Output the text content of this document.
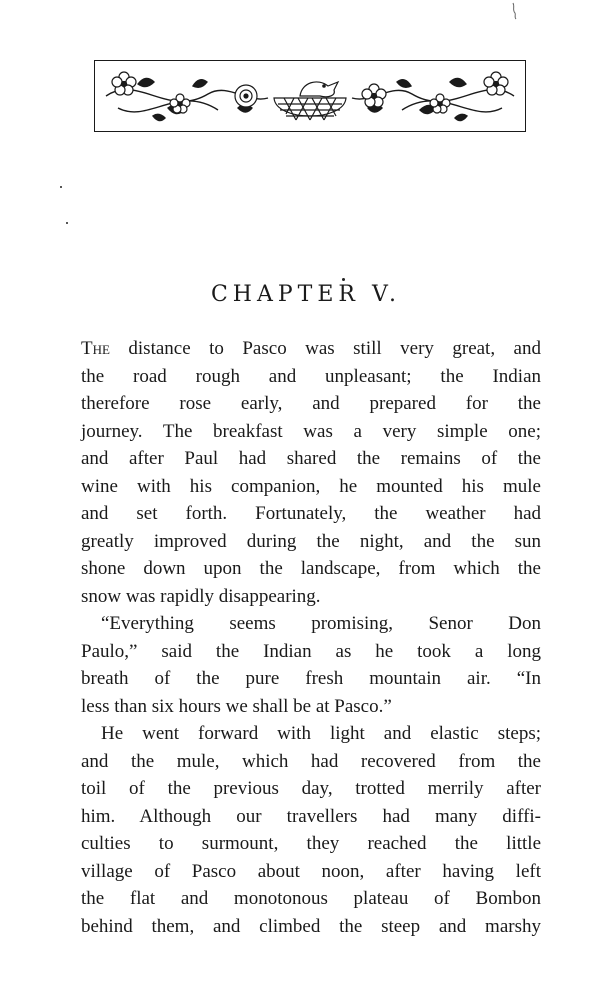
CHAPTER V.
The distance to Pasco was still very great, and
the road rough and unpleasant; the Indian
therefore rose early, and prepared for the
journey. The breakfast was a very simple one;
and after Paul had shared the remains of the
wine with his companion, he mounted his mule
and set forth. Fortunately, the weather had
greatly improved during the night, and the sun
shone down upon the landscape, from which the
snow was rapidly disappearing.
“Everything seems promising, Senor Don
Paulo,” said the Indian as he took a long
breath of the pure fresh mountain air. “In
less than six hours we shall be at Pasco.”
He went forward with light and elastic steps;
and the mule, which had recovered from the
toil of the previous day, trotted merrily after
him. Although our travellers had many diffi-
culties to surmount, they reached the little
village of Pasco about noon, after having left
the flat and monotonous plateau of Bombon
behind them, and climbed the steep and marshy
